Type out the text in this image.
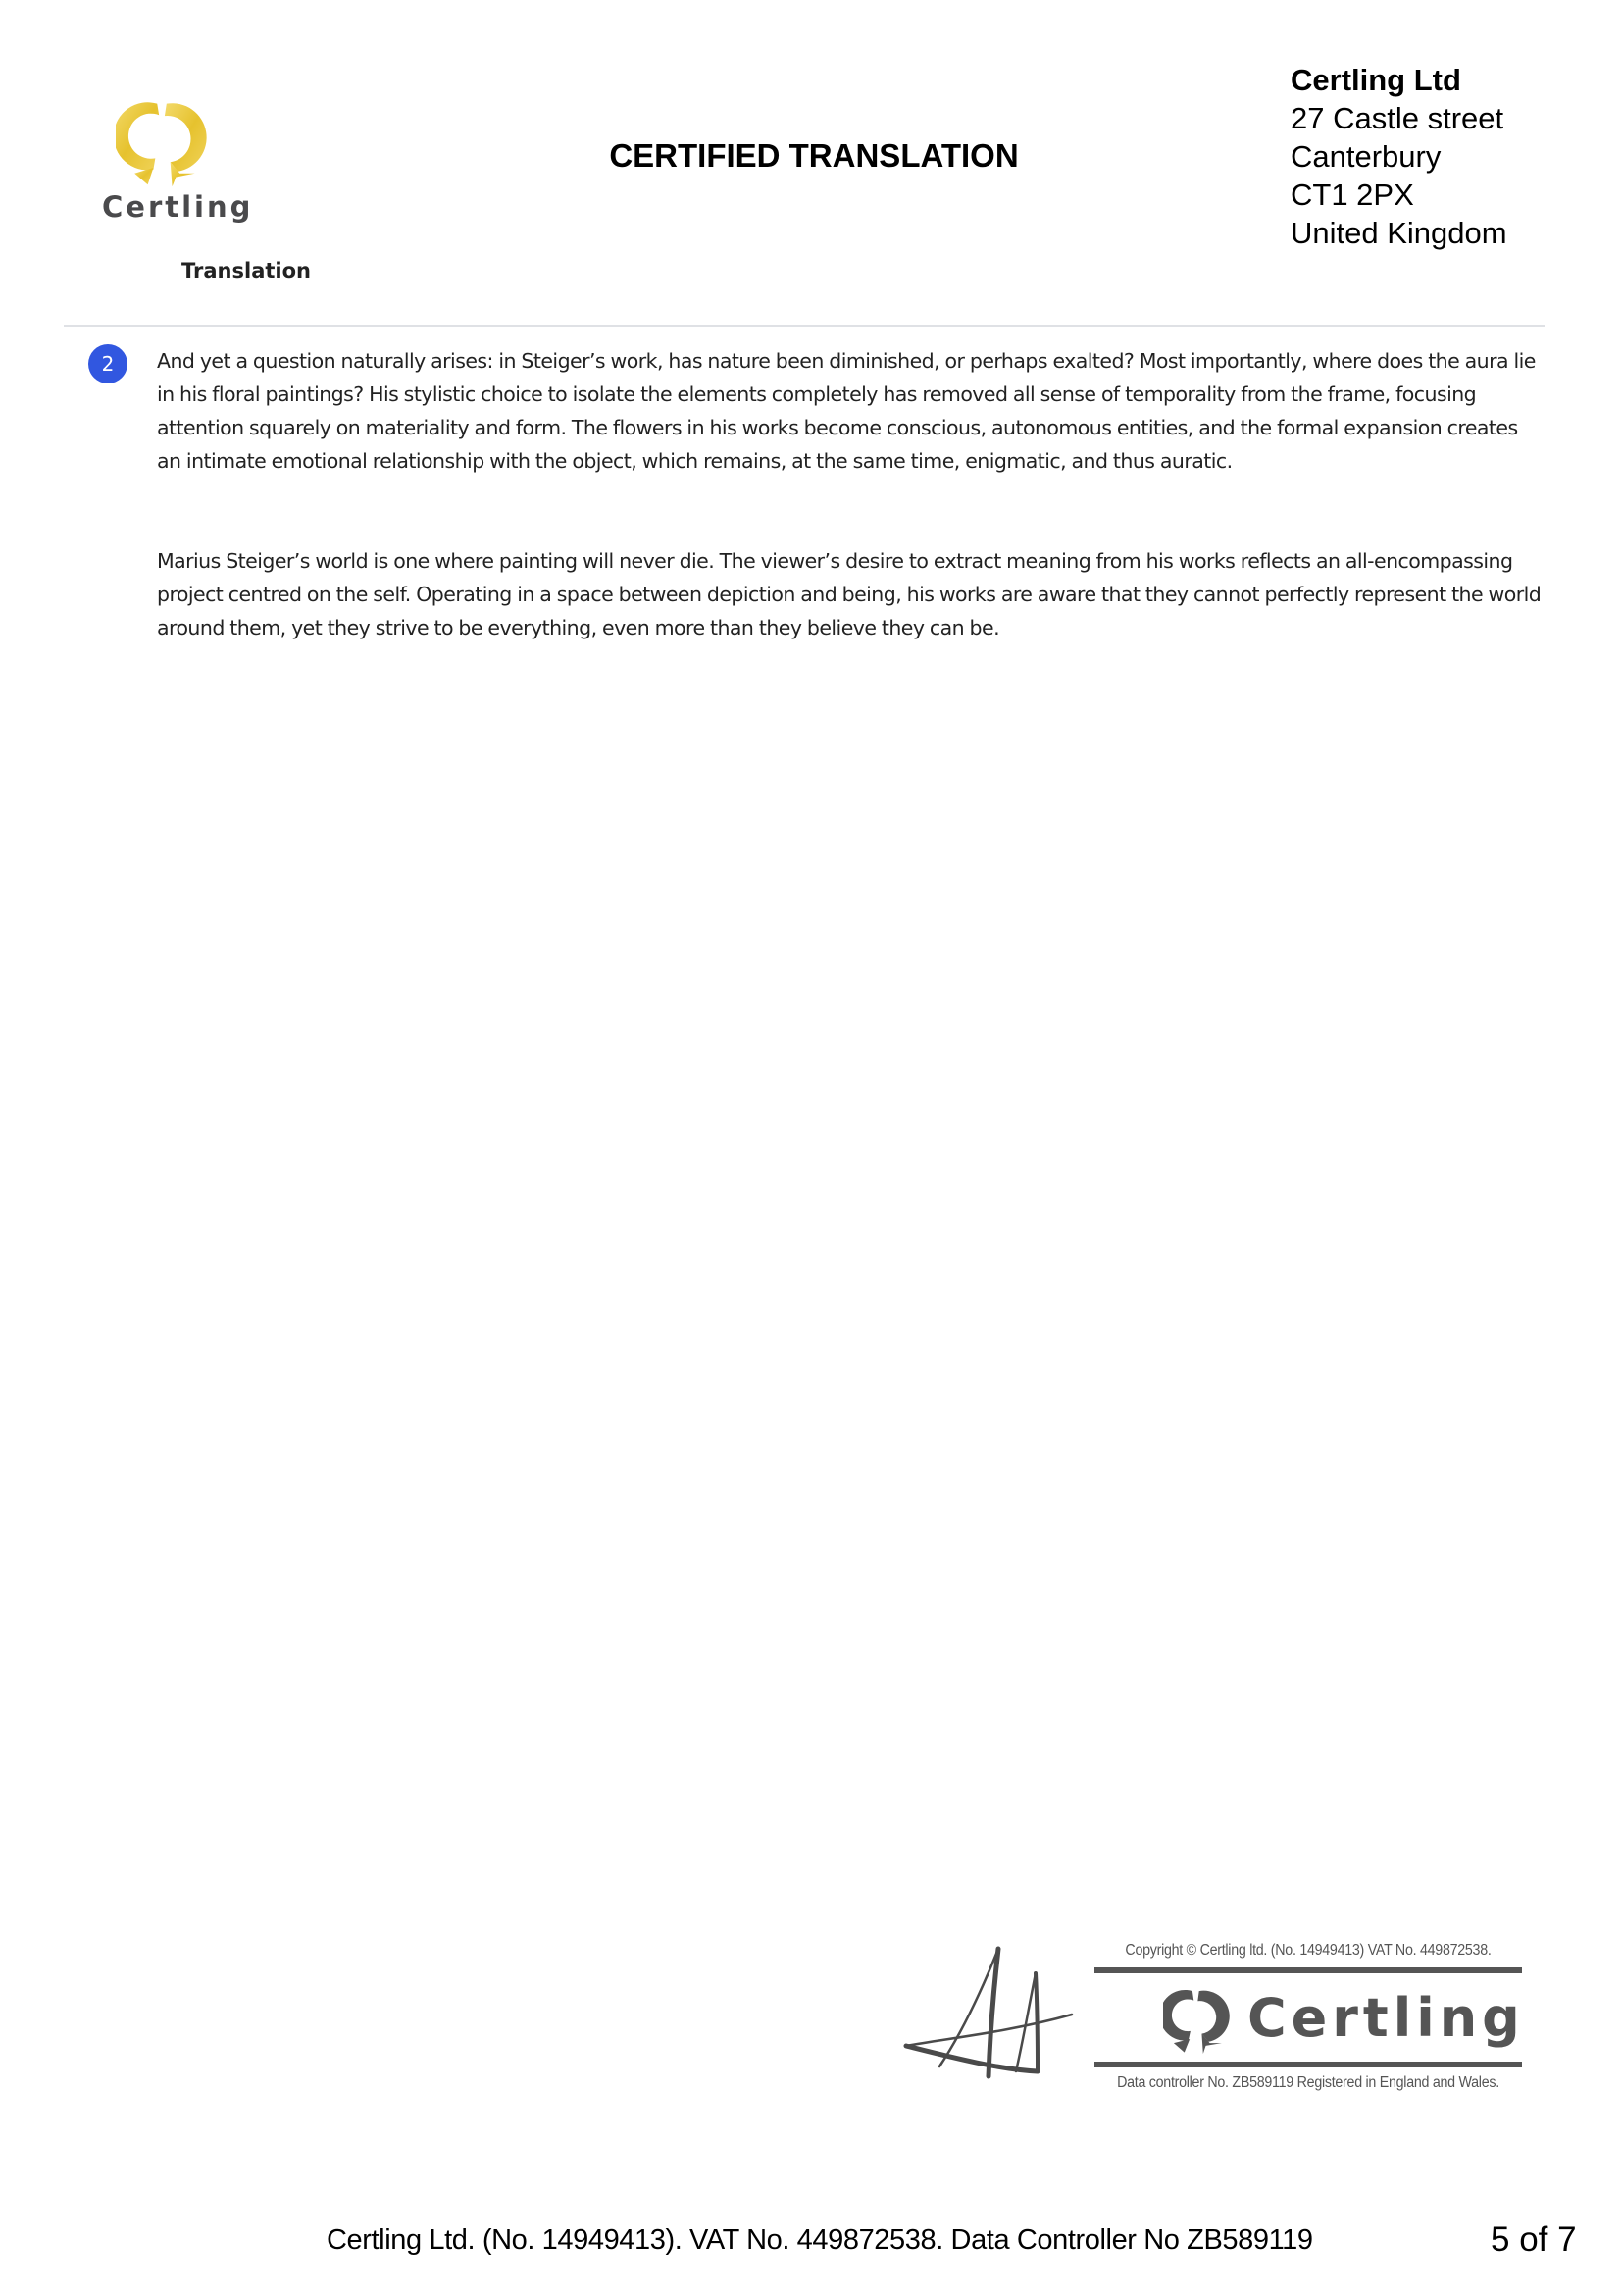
Certling
CERTIFIED TRANSLATION
Certling Ltd
27 Castle street
Canterbury
CT1 2PX
United Kingdom
Translation
2	And yet a question naturally arises: in Steiger’s work, has nature been diminished, or perhaps exalted? Most importantly, where does the aura lie in his floral paintings? His stylistic choice to isolate the elements completely has removed all sense of temporality from the frame, focusing attention squarely on materiality and form. The flowers in his works become conscious, autonomous entities, and the formal expansion creates an intimate emotional relationship with the object, which remains, at the same time, enigmatic, and thus auratic.

Marius Steiger’s world is one where painting will never die. The viewer’s desire to extract meaning from his works reflects an all-encompassing project centred on the self. Operating in a space between depiction and being, his works are aware that they cannot perfectly represent the world around them, yet they strive to be everything, even more than they believe they can be.

Copyright © Certling ltd. (No. 14949413) VAT No. 449872538.
Certling
Data controller No. ZB589119 Registered in England and Wales.
Certling Ltd. (No. 14949413). VAT No. 449872538. Data Controller No ZB589119	5 of 7
